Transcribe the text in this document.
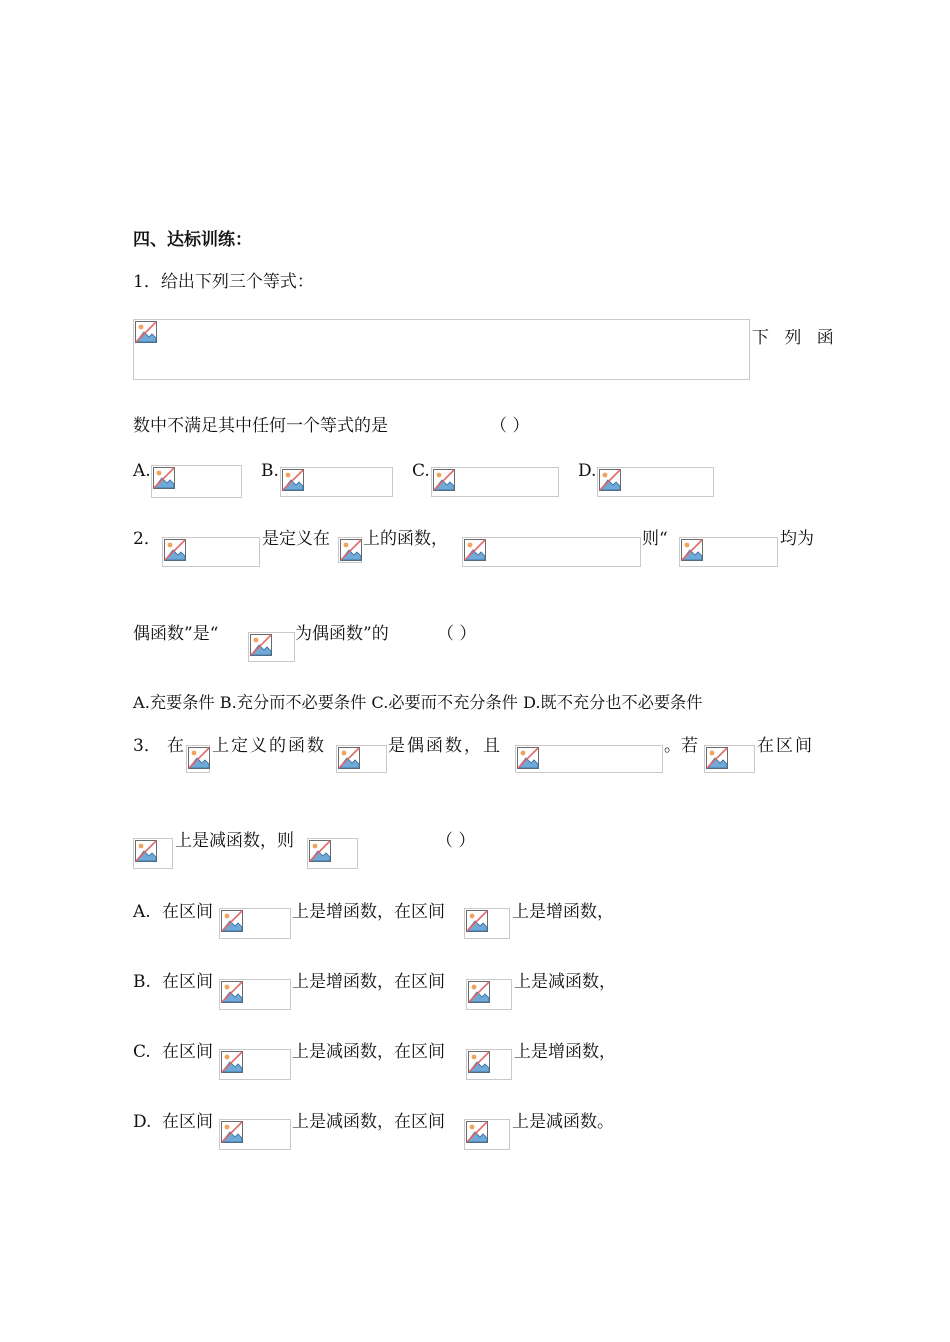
四、达标训练：
1．给出下列三个等式：
下 列 函
数中不满足其中任何一个等式的是	（ ）
A.	B.	C.	D.
2．	是定义在 上的函数，	则“	均为
偶函数”是“	为偶函数”的	（ ）
A.充要条件 B.充分而不必要条件 C.必要而不充分条件 D.既不充分也不必要条件
3． 在 上定义的函数	是偶函数，且	。若	在区间
上是减函数，则	（ ）
A. 在区间	上是增函数，在区间	上是增函数，
B. 在区间	上是增函数，在区间	上是减函数，
C. 在区间	上是减函数，在区间	上是增函数，
D. 在区间	上是减函数，在区间	上是减函数。
